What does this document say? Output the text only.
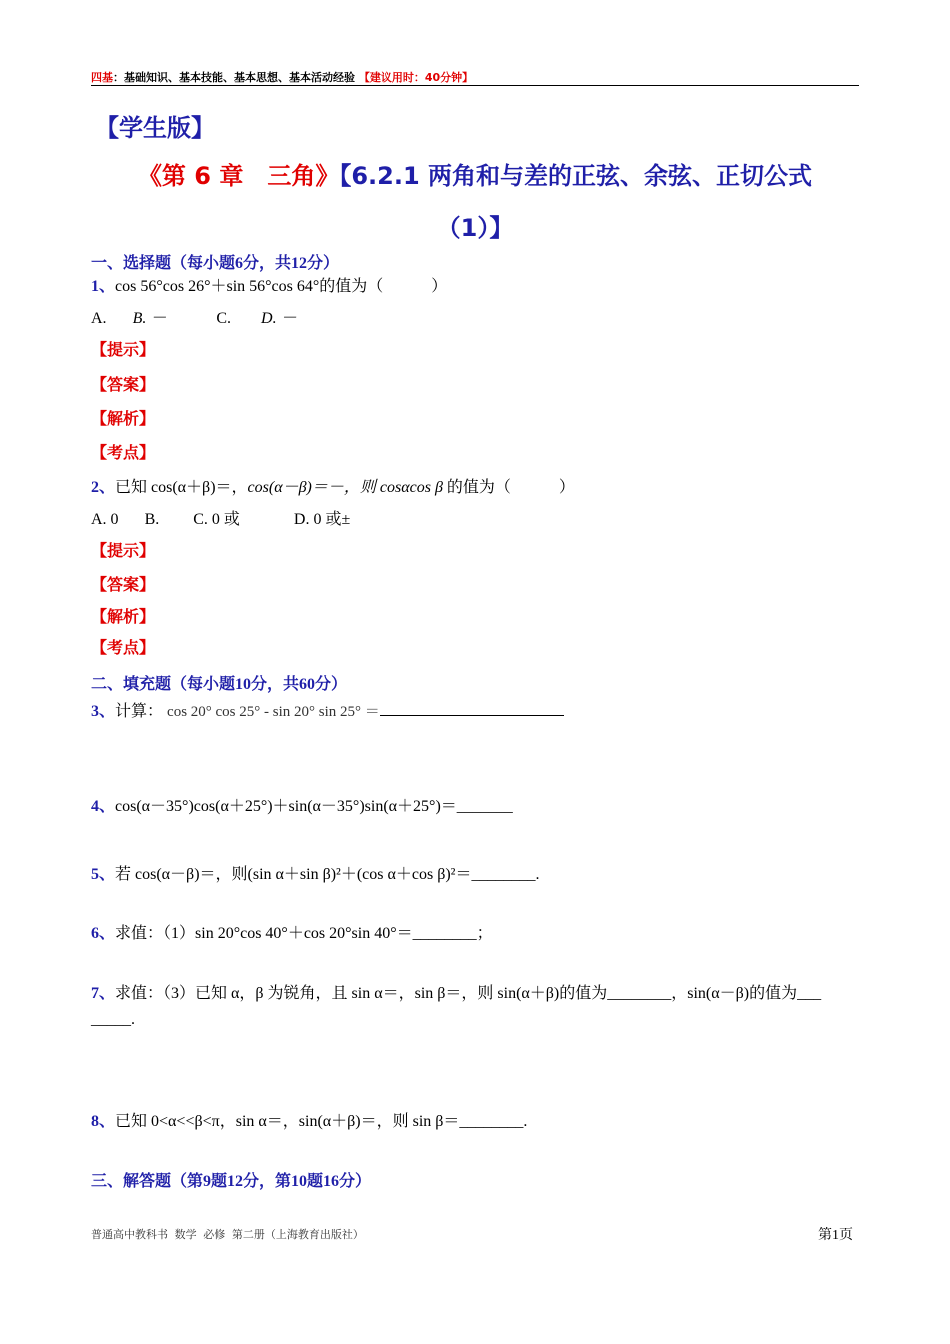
四基：基础知识、基本技能、基本思想、基本活动经验 【建议用时：40分钟】
【学生版】
《第 6 章　三角》【6.2.1 两角和与差的正弦、余弦、正切公式
（1）】
一、选择题（每小题6分，共12分）
1、cos 56°cos 26°＋sin 56°cos 64°的值为（　　　）
A. B. －	C. D. －
【提示】
【答案】
【解析】
【考点】
2、已知 cos(α＋β)＝，cos(α－β)＝－，则 cosαcos β 的值为（　　　）
A. 0 B. C. 0 或	D. 0 或±
【提示】
【答案】
【解析】
【考点】
二、填充题（每小题10分，共60分）
3、计算： cos 20° cos 25° - sin 20° sin 25° ＝
4、cos(α－35°)cos(α＋25°)＋sin(α－35°)sin(α＋25°)＝_______
5、若 cos(α－β)＝，则(sin α＋sin β)²＋(cos α＋cos β)²＝________.
6、求值：（1）sin 20°cos 40°＋cos 20°sin 40°＝________；
7、求值：（3）已知 α，β 为锐角，且 sin α＝，sin β＝，则 sin(α＋β)的值为________，sin(α－β)的值为___
_____.
8、已知 0<α<<β<π，sin α＝，sin(α＋β)＝，则 sin β＝________.
三、解答题（第9题12分，第10题16分）
普通高中教科书 数学 必修 第二册（上海教育出版社）	第1页
